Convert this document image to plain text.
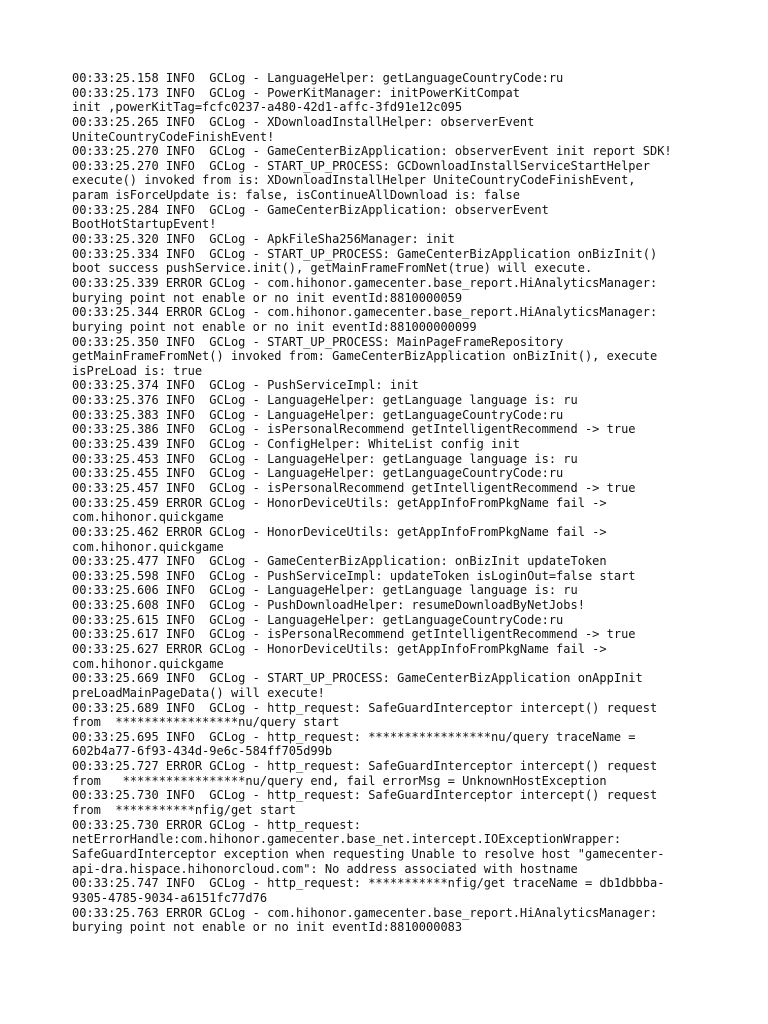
00:33:25.158 INFO  GCLog - LanguageHelper: getLanguageCountryCode:ru
00:33:25.173 INFO  GCLog - PowerKitManager: initPowerKitCompat
init ,powerKitTag=fcfc0237-a480-42d1-affc-3fd91e12c095
00:33:25.265 INFO  GCLog - XDownloadInstallHelper: observerEvent
UniteCountryCodeFinishEvent!
00:33:25.270 INFO  GCLog - GameCenterBizApplication: observerEvent init report SDK!
00:33:25.270 INFO  GCLog - START_UP_PROCESS: GCDownloadInstallServiceStartHelper
execute() invoked from is: XDownloadInstallHelper UniteCountryCodeFinishEvent,
param isForceUpdate is: false, isContinueAllDownload is: false
00:33:25.284 INFO  GCLog - GameCenterBizApplication: observerEvent
BootHotStartupEvent!
00:33:25.320 INFO  GCLog - ApkFileSha256Manager: init
00:33:25.334 INFO  GCLog - START_UP_PROCESS: GameCenterBizApplication onBizInit()
boot success pushService.init(), getMainFrameFromNet(true) will execute.
00:33:25.339 ERROR GCLog - com.hihonor.gamecenter.base_report.HiAnalyticsManager:
burying point not enable or no init eventId:8810000059
00:33:25.344 ERROR GCLog - com.hihonor.gamecenter.base_report.HiAnalyticsManager:
burying point not enable or no init eventId:881000000099
00:33:25.350 INFO  GCLog - START_UP_PROCESS: MainPageFrameRepository
getMainFrameFromNet() invoked from: GameCenterBizApplication onBizInit(), execute
isPreLoad is: true
00:33:25.374 INFO  GCLog - PushServiceImpl: init
00:33:25.376 INFO  GCLog - LanguageHelper: getLanguage language is: ru
00:33:25.383 INFO  GCLog - LanguageHelper: getLanguageCountryCode:ru
00:33:25.386 INFO  GCLog - isPersonalRecommend getIntelligentRecommend -> true
00:33:25.439 INFO  GCLog - ConfigHelper: WhiteList config init
00:33:25.453 INFO  GCLog - LanguageHelper: getLanguage language is: ru
00:33:25.455 INFO  GCLog - LanguageHelper: getLanguageCountryCode:ru
00:33:25.457 INFO  GCLog - isPersonalRecommend getIntelligentRecommend -> true
00:33:25.459 ERROR GCLog - HonorDeviceUtils: getAppInfoFromPkgName fail ->
com.hihonor.quickgame
00:33:25.462 ERROR GCLog - HonorDeviceUtils: getAppInfoFromPkgName fail ->
com.hihonor.quickgame
00:33:25.477 INFO  GCLog - GameCenterBizApplication: onBizInit updateToken
00:33:25.598 INFO  GCLog - PushServiceImpl: updateToken isLoginOut=false start
00:33:25.606 INFO  GCLog - LanguageHelper: getLanguage language is: ru
00:33:25.608 INFO  GCLog - PushDownloadHelper: resumeDownloadByNetJobs!
00:33:25.615 INFO  GCLog - LanguageHelper: getLanguageCountryCode:ru
00:33:25.617 INFO  GCLog - isPersonalRecommend getIntelligentRecommend -> true
00:33:25.627 ERROR GCLog - HonorDeviceUtils: getAppInfoFromPkgName fail ->
com.hihonor.quickgame
00:33:25.669 INFO  GCLog - START_UP_PROCESS: GameCenterBizApplication onAppInit
preLoadMainPageData() will execute!
00:33:25.689 INFO  GCLog - http_request: SafeGuardInterceptor intercept() request
from  *****************nu/query start
00:33:25.695 INFO  GCLog - http_request: *****************nu/query traceName =
602b4a77-6f93-434d-9e6c-584ff705d99b
00:33:25.727 ERROR GCLog - http_request: SafeGuardInterceptor intercept() request
from   *****************nu/query end, fail errorMsg = UnknownHostException
00:33:25.730 INFO  GCLog - http_request: SafeGuardInterceptor intercept() request
from  ***********nfig/get start
00:33:25.730 ERROR GCLog - http_request:
netErrorHandle:com.hihonor.gamecenter.base_net.intercept.IOExceptionWrapper:
SafeGuardInterceptor exception when requesting Unable to resolve host "gamecenter-
api-dra.hispace.hihonorcloud.com": No address associated with hostname
00:33:25.747 INFO  GCLog - http_request: ***********nfig/get traceName = db1dbbba-
9305-4785-9034-a6151fc77d76
00:33:25.763 ERROR GCLog - com.hihonor.gamecenter.base_report.HiAnalyticsManager:
burying point not enable or no init eventId:8810000083
